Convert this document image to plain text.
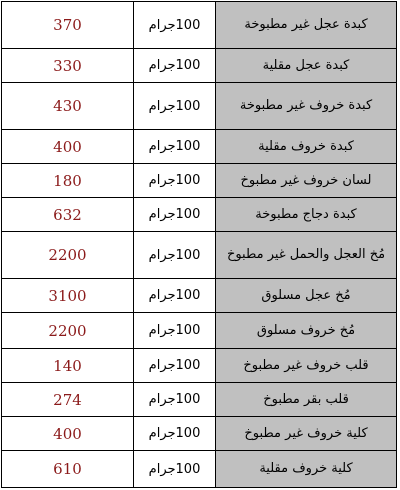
370	100جرام	كبدة عجل غير مطبوخة
330	100جرام	كبدة عجل مقلية
430	100جرام	كبدة خروف غير مطبوخة
400	100جرام	كبدة خروف مقلية
180	100جرام	لسان خروف غير مطبوخ
632	100جرام	كبدة دجاج مطبوخة
2200	100جرام	مُخ العجل والحمل غير مطبوخ
3100	100جرام	مُخ عجل مسلوق
2200	100جرام	مُخ خروف مسلوق
140	100جرام	قلب خروف غير مطبوخ
274	100جرام	قلب بقر مطبوخ
400	100جرام	كلية خروف غير مطبوخ
610	100جرام	كلية خروف مقلية
